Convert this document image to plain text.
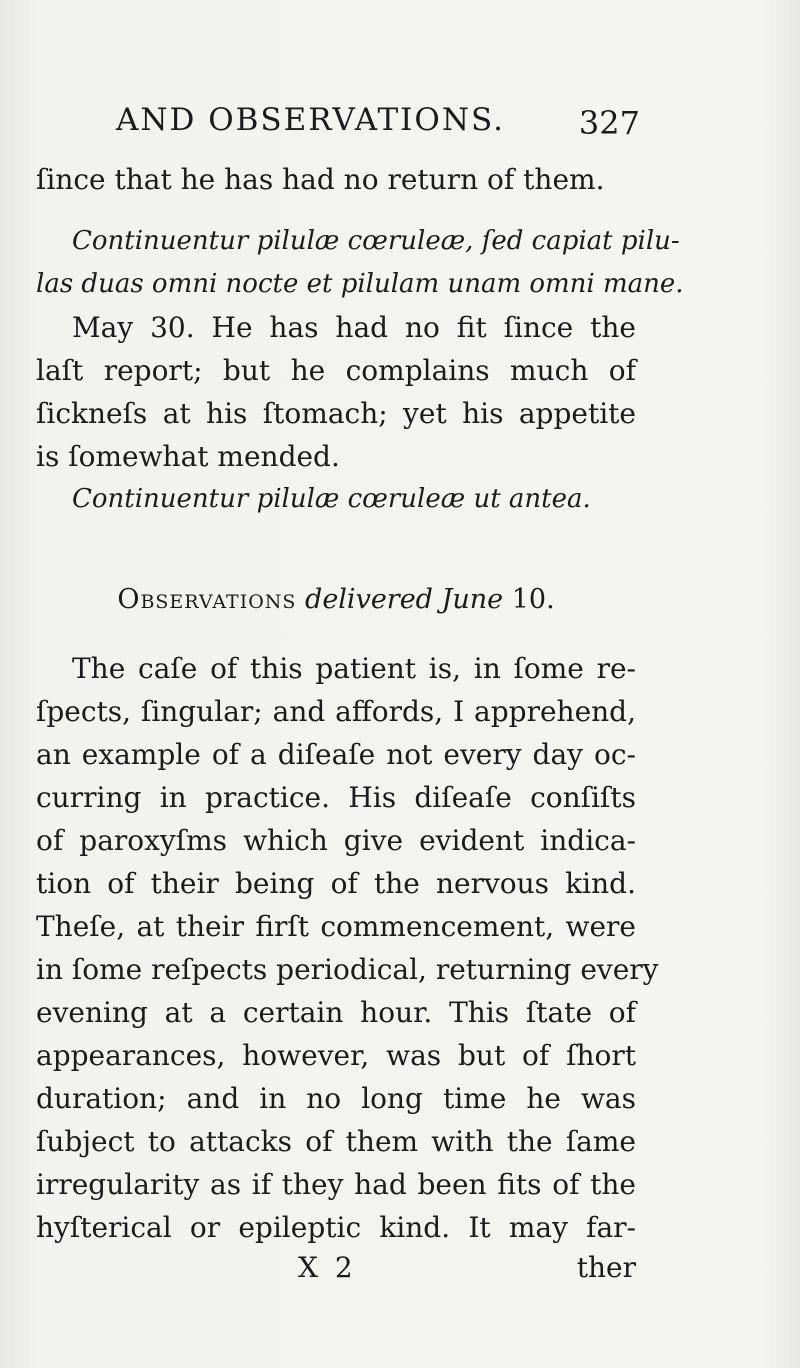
AND OBSERVATIONS. 327
ſince that he has had no return of them.
Continuentur pilulæ cœruleæ, ſed capiat pilu-
las duas omni nocte et pilulam unam omni mane.
May 30. He has had no fit ſince the
laſt report; but he complains much of
ſickneſs at his ſtomach; yet his appetite
is ſomewhat mended.
Continuentur pilulæ cœruleæ ut antea.
Observations delivered June 10.
The caſe of this patient is, in ſome re-
ſpects, ſingular; and affords, I apprehend,
an example of a diſeaſe not every day oc-
curring in practice. His diſeaſe conſiſts
of paroxyſms which give evident indica-
tion of their being of the nervous kind.
Theſe, at their firſt commencement, were
in ſome reſpects periodical, returning every
evening at a certain hour. This ſtate of
appearances, however, was but of ſhort
duration; and in no long time he was
ſubject to attacks of them with the ſame
irregularity as if they had been fits of the
hyſterical or epileptic kind. It may far-
X 2	ther
